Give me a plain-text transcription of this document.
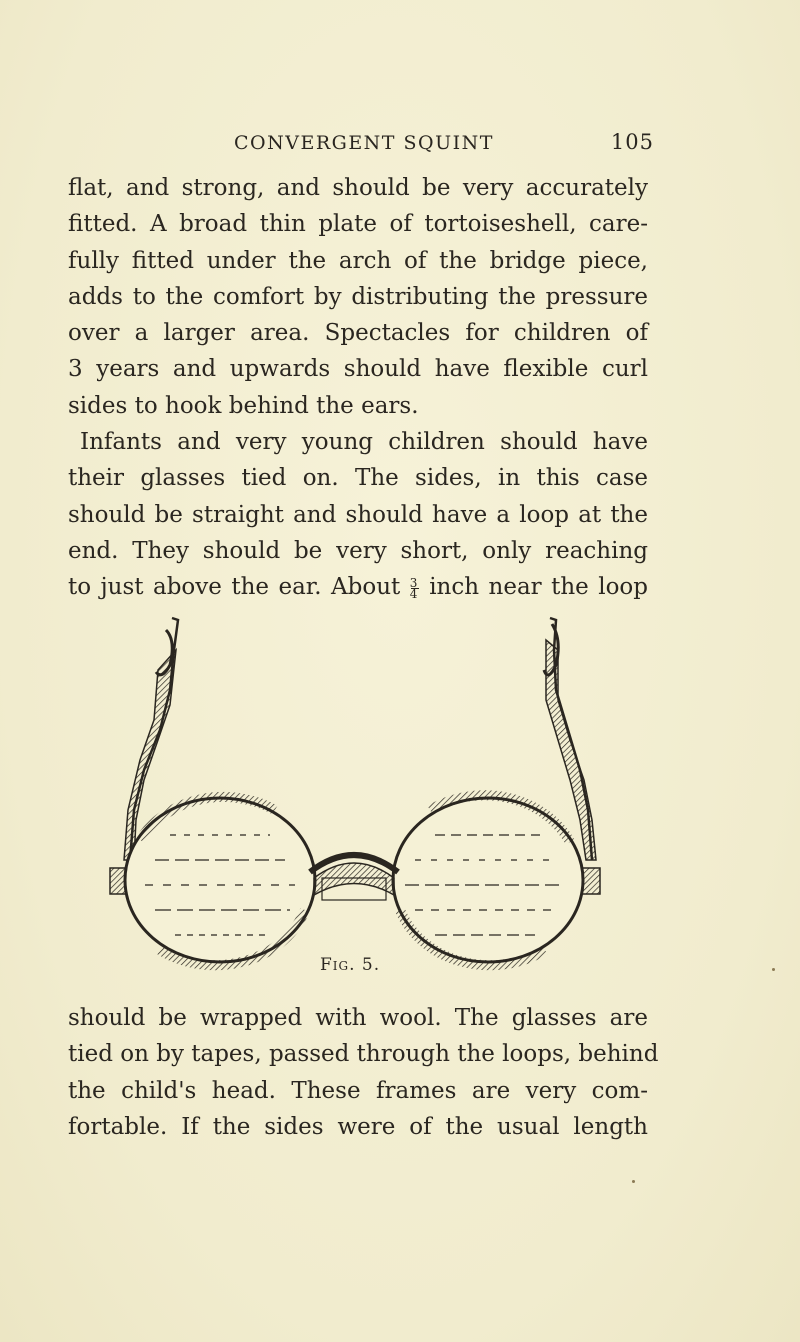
CONVERGENT SQUINT	105
flat, and strong, and should be very accurately
fitted. A broad thin plate of tortoiseshell, care-
fully fitted under the arch of the bridge piece,
adds to the comfort by distributing the pressure
over a larger area. Spectacles for children of
3 years and upwards should have flexible curl
sides to hook behind the ears.
Infants and very young children should have
their glasses tied on. The sides, in this case
should be straight and should have a loop at the
end. They should be very short, only reaching
to just above the ear. About $\frac{3}{4}$ inch near the loop
Fig. 5.
should be wrapped with wool. The glasses are
tied on by tapes, passed through the loops, behind
the child's head. These frames are very com-
fortable. If the sides were of the usual length
